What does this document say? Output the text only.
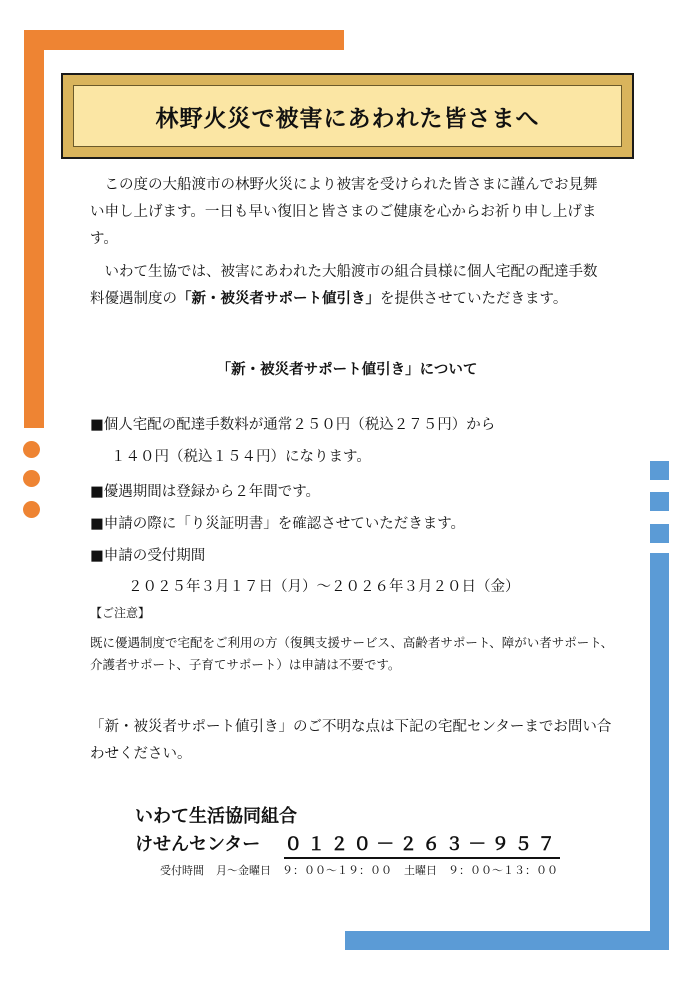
林野火災で被害にあわれた皆さまへ

この度の大船渡市の林野火災により被害を受けられた皆さまに謹んでお見舞い申し上げます。一日も早い復旧と皆さまのご健康を心からお祈り申し上げます。

いわて生協では、被害にあわれた大船渡市の組合員様に個人宅配の配達手数料優遇制度の「新・被災者サポート値引き」を提供させていただきます。

「新・被災者サポート値引き」について
■個人宅配の配達手数料が通常２５０円（税込２７５円）から
１４０円（税込１５４円）になります。
■優遇期間は登録から２年間です。
■申請の際に「り災証明書」を確認させていただきます。
■申請の受付期間
２０２５年３月１７日（月）～２０２６年３月２０日（金）
【ご注意】
既に優遇制度で宅配をご利用の方（復興支援サービス、高齢者サポート、障がい者サポート、介護者サポート、子育てサポート）は申請は不要です。
「新・被災者サポート値引き」のご不明な点は下記の宅配センターまでお問い合わせください。
いわて生活協同組合
けせんセンター ０１２０－２６３－９５７
受付時間 月～金曜日　９：００～１９：００ 土曜日　９：００～１３：００
